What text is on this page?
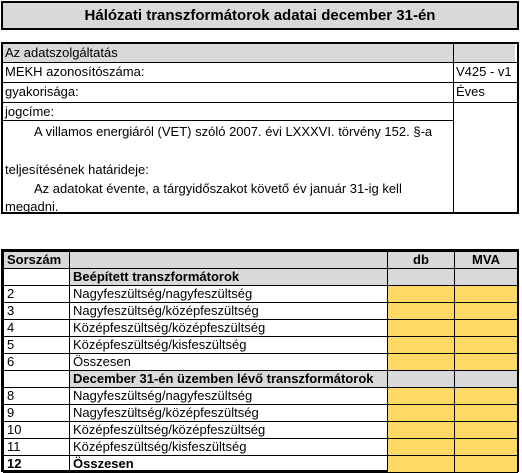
Hálózati transzformátorok adatai december 31-én
Az adatszolgáltatás
MEKH azonosítószáma:	V425 - v1
gyakorisága:	Éves
jogcíme:
A villamos energiáról (VET) szóló 2007. évi LXXXVI. törvény 152. §-a
teljesítésének határideje:
Az adatokat évente, a tárgyidőszakot követő év január 31-ig kell
megadni.
Sorszám		db	MVA
	Beépített transzformátorok		
2	Nagyfeszültség/nagyfeszültség		
3	Nagyfeszültség/középfeszültség		
4	Középfeszültség/középfeszültség		
5	Középfeszültség/kisfeszültség		
6	Összesen		
	December 31-én üzemben lévő transzformátorok		
8	Nagyfeszültség/nagyfeszültség		
9	Nagyfeszültség/középfeszültség		
10	Középfeszültség/középfeszültség		
11	Középfeszültség/kisfeszültség		
12	Összesen		
